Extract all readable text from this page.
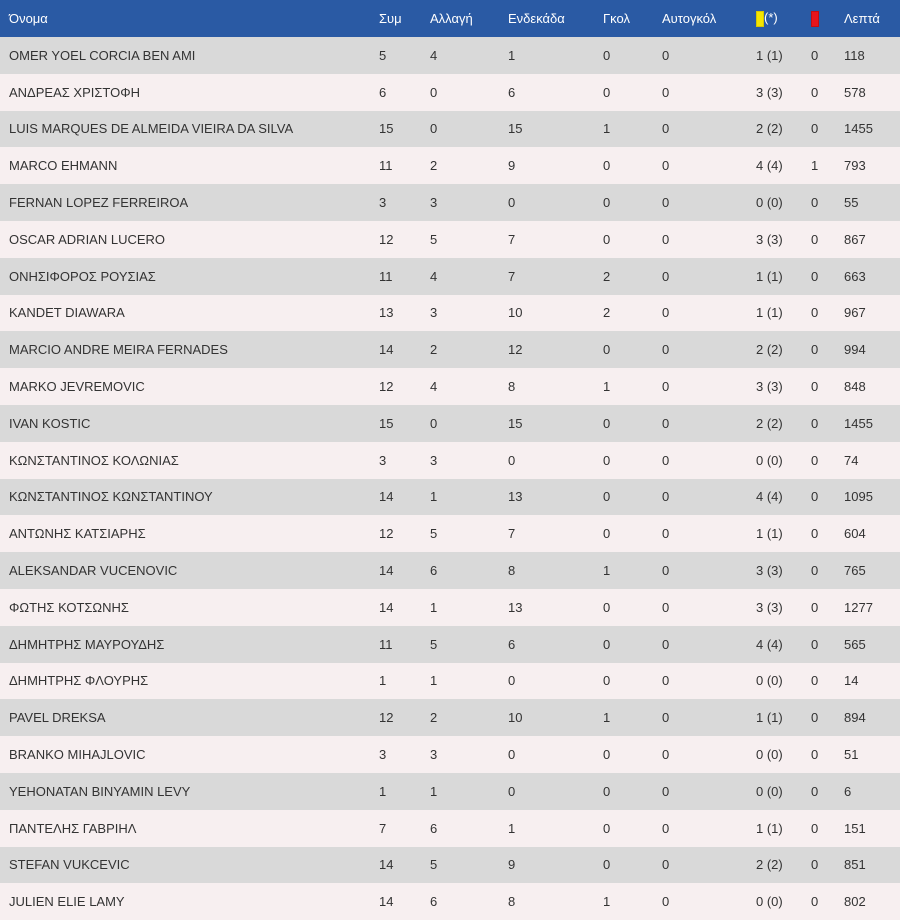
Όνομα	Συμ	Αλλαγή	Ενδεκάδα	Γκολ	Αυτογκόλ	(*)		Λεπτά
OMER YOEL CORCIA BEN AMI	5	4	1	0	0	1 (1)	0	118
ΑΝΔΡΕΑΣ ΧΡΙΣΤΟΦΗ	6	0	6	0	0	3 (3)	0	578
LUIS MARQUES DE ALMEIDA VIEIRA DA SILVA	15	0	15	1	0	2 (2)	0	1455
MARCO EHMANN	11	2	9	0	0	4 (4)	1	793
FERNAN LOPEZ FERREIROA	3	3	0	0	0	0 (0)	0	55
OSCAR ADRIAN LUCERO	12	5	7	0	0	3 (3)	0	867
ΟΝΗΣΙΦΟΡΟΣ ΡΟΥΣΙΑΣ	11	4	7	2	0	1 (1)	0	663
KANDET DIAWARA	13	3	10	2	0	1 (1)	0	967
MARCIO ANDRE MEIRA FERNADES	14	2	12	0	0	2 (2)	0	994
MARKO JEVREMOVIC	12	4	8	1	0	3 (3)	0	848
IVAN KOSTIC	15	0	15	0	0	2 (2)	0	1455
ΚΩΝΣΤΑΝΤΙΝΟΣ ΚΟΛΩΝΙΑΣ	3	3	0	0	0	0 (0)	0	74
ΚΩΝΣΤΑΝΤΙΝΟΣ ΚΩΝΣΤΑΝΤΙΝΟΥ	14	1	13	0	0	4 (4)	0	1095
ΑΝΤΩΝΗΣ ΚΑΤΣΙΑΡΗΣ	12	5	7	0	0	1 (1)	0	604
ALEKSANDAR VUCENOVIC	14	6	8	1	0	3 (3)	0	765
ΦΩΤΗΣ ΚΟΤΣΩΝΗΣ	14	1	13	0	0	3 (3)	0	1277
ΔΗΜΗΤΡΗΣ ΜΑΥΡΟΥΔΗΣ	11	5	6	0	0	4 (4)	0	565
ΔΗΜΗΤΡΗΣ ΦΛΟΥΡΗΣ	1	1	0	0	0	0 (0)	0	14
PAVEL DREKSA	12	2	10	1	0	1 (1)	0	894
BRANKO MIHAJLOVIC	3	3	0	0	0	0 (0)	0	51
YEHONATAN BINYAMIN LEVY	1	1	0	0	0	0 (0)	0	6
ΠΑΝΤΕΛΗΣ ΓΑΒΡΙΗΛ	7	6	1	0	0	1 (1)	0	151
STEFAN VUKCEVIC	14	5	9	0	0	2 (2)	0	851
JULIEN ELIE LAMY	14	6	8	1	0	0 (0)	0	802
